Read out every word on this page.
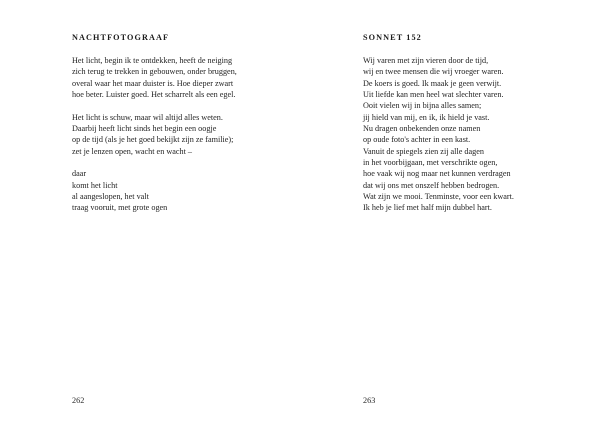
NACHTFOTOGRAAF
Het licht, begin ik te ontdekken, heeft de neiging
zich terug te trekken in gebouwen, onder bruggen,
overal waar het maar duister is. Hoe dieper zwart
hoe beter. Luister goed. Het scharrelt als een egel.
Het licht is schuw, maar wil altijd alles weten.
Daarbij heeft licht sinds het begin een oogje
op de tijd (als je het goed bekijkt zijn ze familie);
zet je lenzen open, wacht en wacht –
daar
komt het licht
al aangeslopen, het valt
traag vooruit, met grote ogen
262
SONNET 152
Wij varen met zijn vieren door de tijd,
wij en twee mensen die wij vroeger waren.
De koers is goed. Ik maak je geen verwijt.
Uit liefde kan men heel wat slechter varen.
Ooit vielen wij in bijna alles samen;
jij hield van mij, en ik, ik hield je vast.
Nu dragen onbekenden onze namen
op oude foto's achter in een kast.
Vanuit de spiegels zien zij alle dagen
in het voorbijgaan, met verschrikte ogen,
hoe vaak wij nog maar net kunnen verdragen
dat wij ons met onszelf hebben bedrogen.
Wat zijn we mooi. Tenminste, voor een kwart.
Ik heb je lief met half mijn dubbel hart.
263
